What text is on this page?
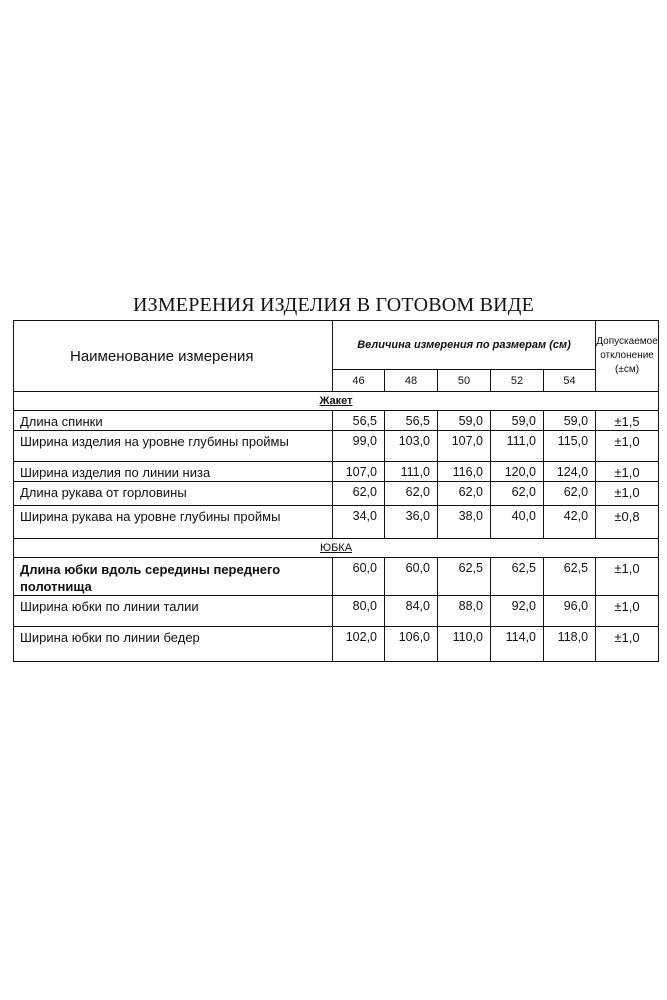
ИЗМЕРЕНИЯ ИЗДЕЛИЯ В ГОТОВОМ ВИДЕ
Наименование измерения	Величина измерения по размерам (см)					Допускаемое отклонение (±см)
	46	48	50	52	54	
Жакет						
Длина спинки	56,5	56,5	59,0	59,0	59,0	±1,5
Ширина изделия на уровне глубины проймы	99,0	103,0	107,0	111,0	115,0	±1,0
Ширина изделия по линии низа	107,0	111,0	116,0	120,0	124,0	±1,0
Длина рукава от горловины	62,0	62,0	62,0	62,0	62,0	±1,0
Ширина рукава на уровне глубины проймы	34,0	36,0	38,0	40,0	42,0	±0,8
ЮБКА						
Длина юбки вдоль середины переднего полотнища	60,0	60,0	62,5	62,5	62,5	±1,0
Ширина юбки по линии талии	80,0	84,0	88,0	92,0	96,0	±1,0
Ширина юбки по линии бедер	102,0	106,0	110,0	114,0	118,0	±1,0
